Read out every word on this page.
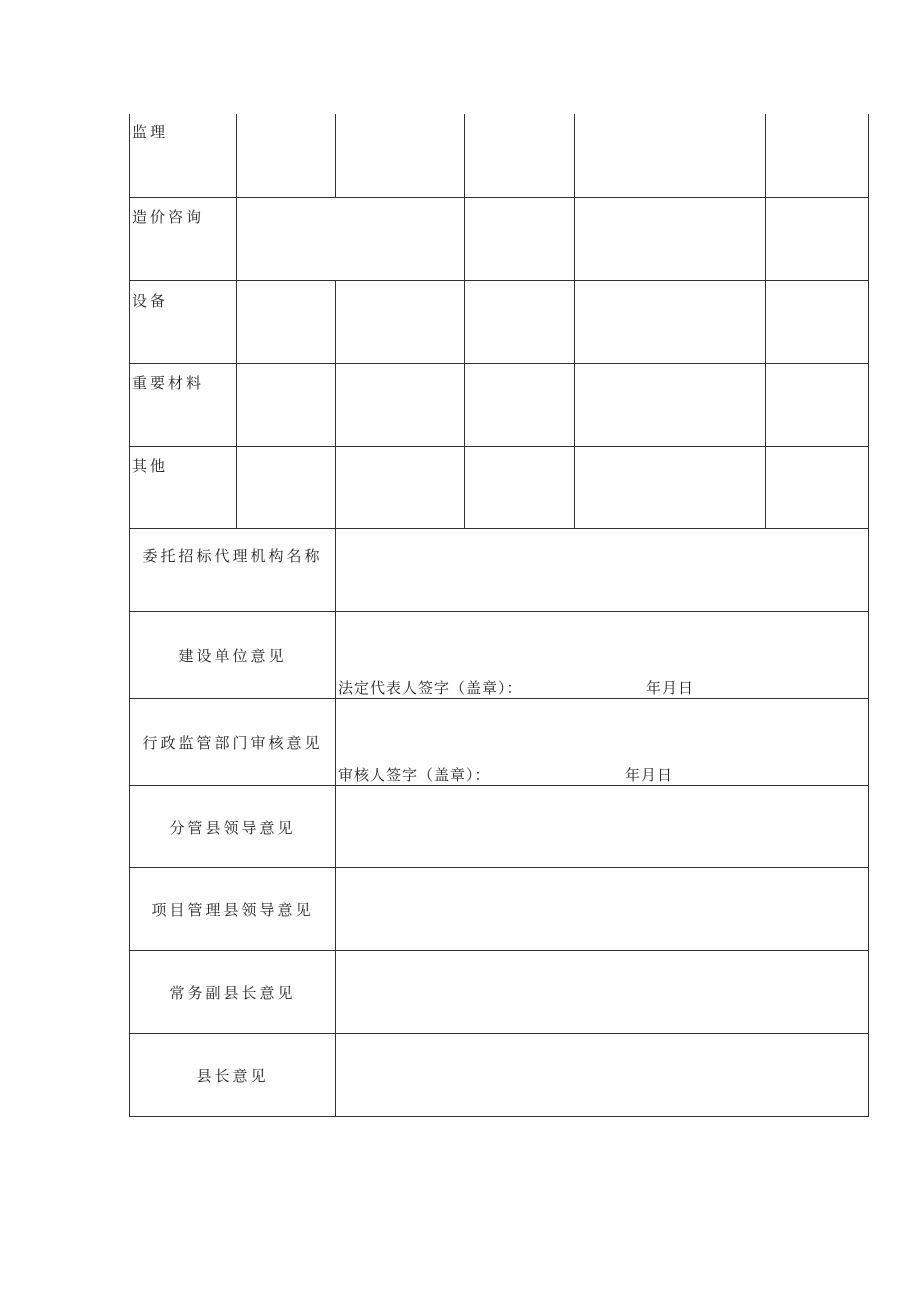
监理
造价咨询
设备
重要材料
其他
委托招标代理机构名称
建设单位意见
行政监管部门审核意见
分管县领导意见
项目管理县领导意见
常务副县长意见
县长意见
法定代表人签字（盖章）：	年月日
审核人签字（盖章）：	年月日
